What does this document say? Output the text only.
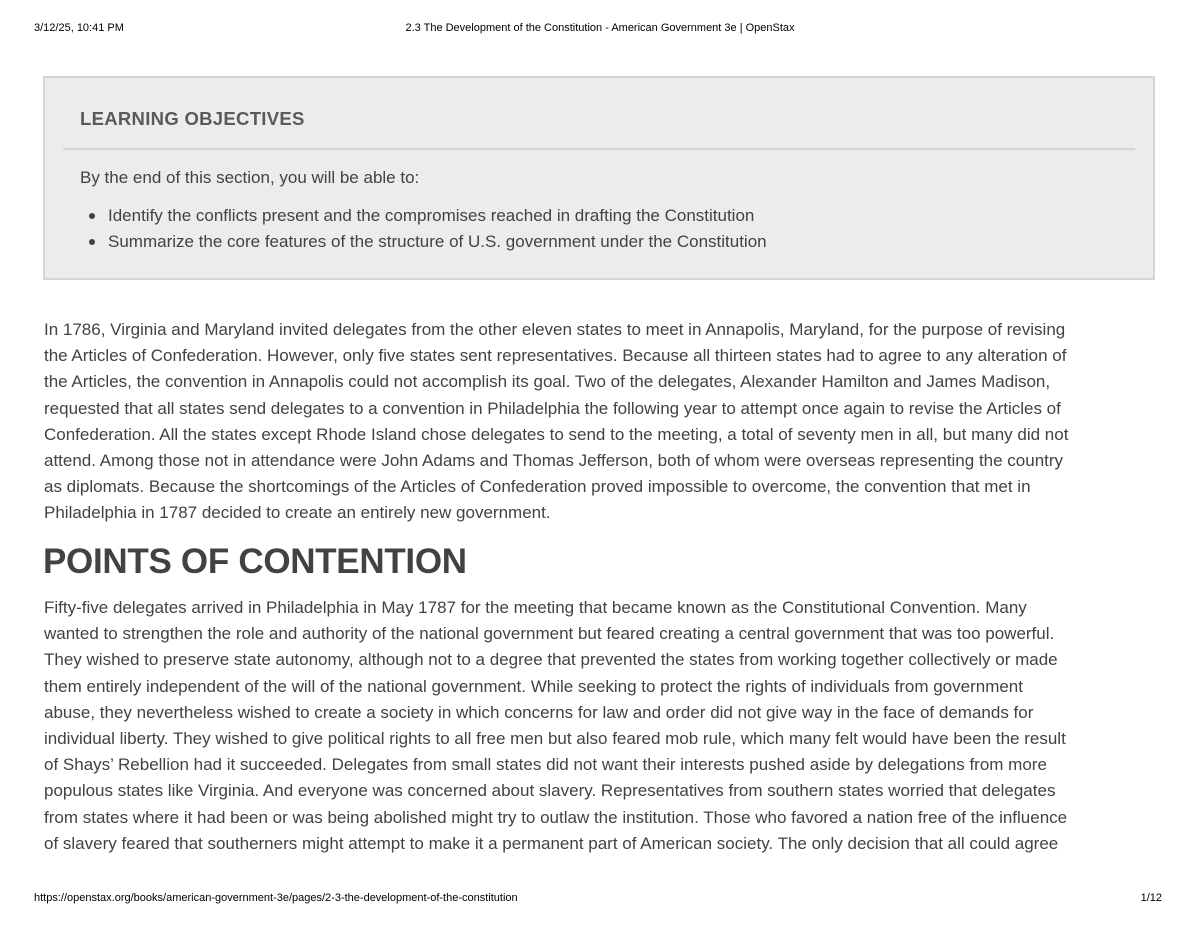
3/12/25, 10:41 PM	2.3 The Development of the Constitution - American Government 3e | OpenStax
LEARNING OBJECTIVES

By the end of this section, you will be able to:

Identify the conflicts present and the compromises reached in drafting the Constitution
Summarize the core features of the structure of U.S. government under the Constitution

In 1786, Virginia and Maryland invited delegates from the other eleven states to meet in Annapolis, Maryland, for the purpose of revising
the Articles of Confederation. However, only five states sent representatives. Because all thirteen states had to agree to any alteration of
the Articles, the convention in Annapolis could not accomplish its goal. Two of the delegates, Alexander Hamilton and James Madison,
requested that all states send delegates to a convention in Philadelphia the following year to attempt once again to revise the Articles of
Confederation. All the states except Rhode Island chose delegates to send to the meeting, a total of seventy men in all, but many did not
attend. Among those not in attendance were John Adams and Thomas Jefferson, both of whom were overseas representing the country
as diplomats. Because the shortcomings of the Articles of Confederation proved impossible to overcome, the convention that met in
Philadelphia in 1787 decided to create an entirely new government.

POINTS OF CONTENTION

Fifty-five delegates arrived in Philadelphia in May 1787 for the meeting that became known as the Constitutional Convention. Many
wanted to strengthen the role and authority of the national government but feared creating a central government that was too powerful.
They wished to preserve state autonomy, although not to a degree that prevented the states from working together collectively or made
them entirely independent of the will of the national government. While seeking to protect the rights of individuals from government
abuse, they nevertheless wished to create a society in which concerns for law and order did not give way in the face of demands for
individual liberty. They wished to give political rights to all free men but also feared mob rule, which many felt would have been the result
of Shays’ Rebellion had it succeeded. Delegates from small states did not want their interests pushed aside by delegations from more
populous states like Virginia. And everyone was concerned about slavery. Representatives from southern states worried that delegates
from states where it had been or was being abolished might try to outlaw the institution. Those who favored a nation free of the influence
of slavery feared that southerners might attempt to make it a permanent part of American society. The only decision that all could agree

https://openstax.org/books/american-government-3e/pages/2-3-the-development-of-the-constitution	1/12
